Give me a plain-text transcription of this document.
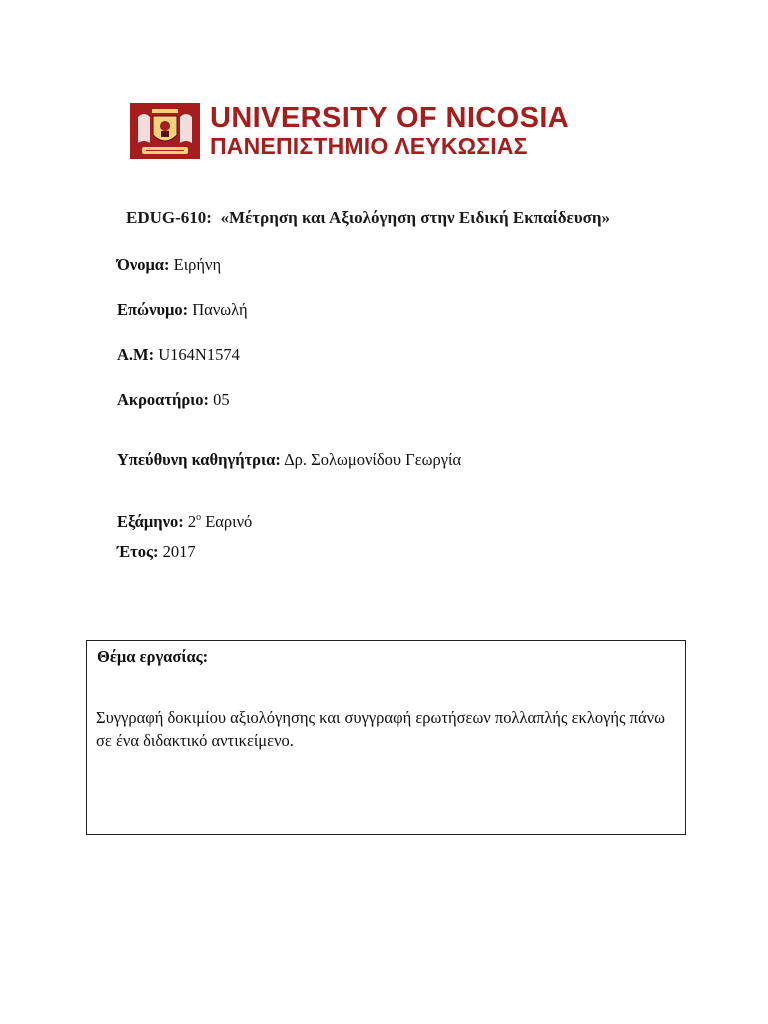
UNIVERSITY OF NICOSIA
ΠΑΝΕΠΙΣΤΗΜΙΟ ΛΕΥΚΩΣΙΑΣ
EDUG-610: «Μέτρηση και Αξιολόγηση στην Ειδική Εκπαίδευση»
Όνομα: Ειρήνη
Επώνυμο: Πανωλή
Α.Μ: U164N1574
Ακροατήριο: 05
Υπεύθυνη καθηγήτρια: Δρ. Σολωμονίδου Γεωργία
Εξάμηνο: $2^o$ Εαρινό
Έτος: 2017
Θέμα εργασίας:
Συγγραφή δοκιμίου αξιολόγησης και συγγραφή ερωτήσεων πολλαπλής εκλογής πάνω σε ένα διδακτικό αντικείμενο.
